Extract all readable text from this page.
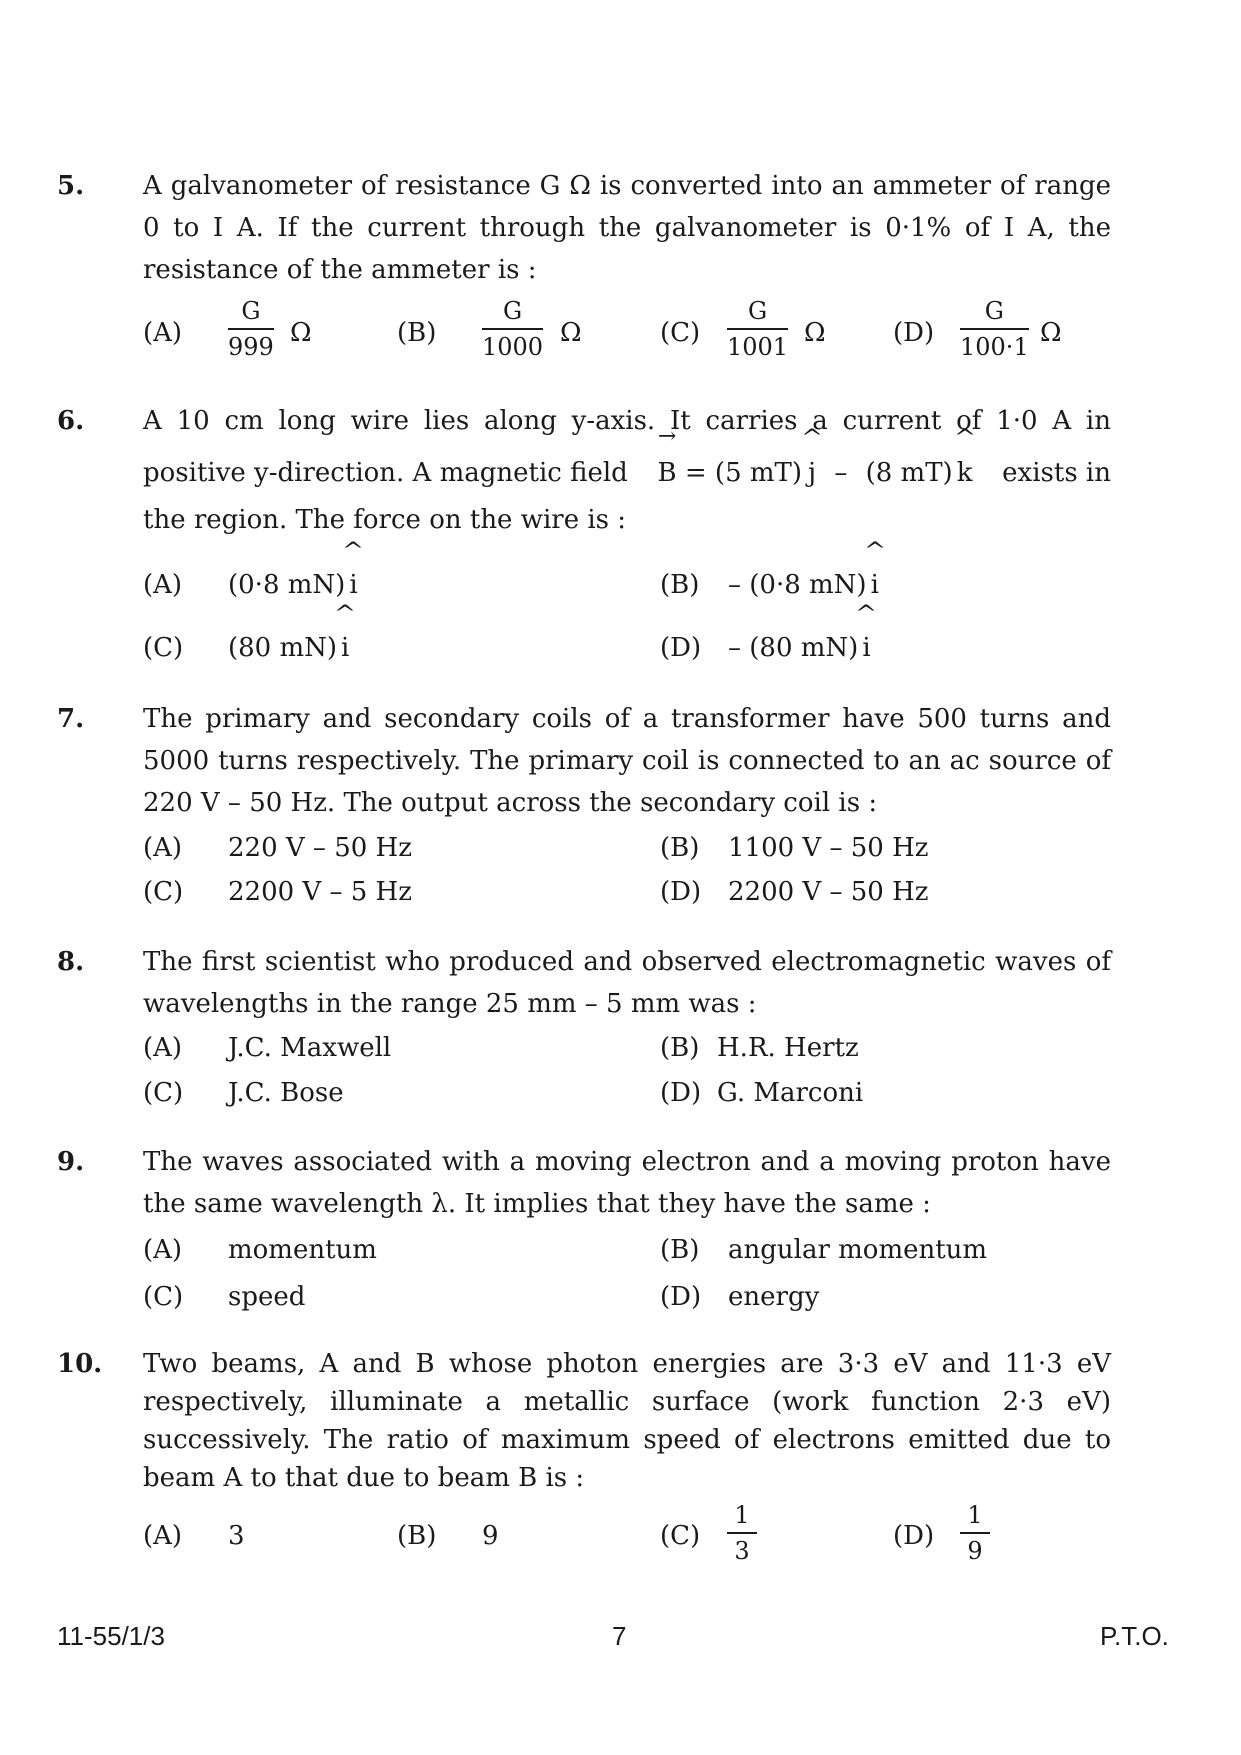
5. A galvanometer of resistance G Ω is converted into an ammeter of range 0 to I A. If the current through the galvanometer is 0·1% of I A, the resistance of the ammeter is :
$(A) \frac{G}{999}$ Ω	$(B) \frac{G}{1000}$ Ω	$(C) \frac{G}{1001}$ Ω	$(D) \frac{G}{100\cdot 1}$ Ω
6. A 10 cm long wire lies along y-axis. It carries a current of 1·0 A in
positive y-direction. A magnetic field → B = (5 mT) ^ j – (8 mT) ^ k exists in
the region. The force on the wire is :
(A) (0·8 mN) ^ i	(B) – (0·8 mN) ^ i
(C) (80 mN) ^ i	(D) – (80 mN) ^ i
7. The primary and secondary coils of a transformer have 500 turns and 5000 turns respectively. The primary coil is connected to an ac source of 220 V – 50 Hz. The output across the secondary coil is :
(A) 220 V – 50 Hz	(B) 1100 V – 50 Hz
(C) 2200 V – 5 Hz	(D) 2200 V – 50 Hz
8. The first scientist who produced and observed electromagnetic waves of wavelengths in the range 25 mm – 5 mm was :
(A) J.C. Maxwell	(B) H.R. Hertz
(C) J.C. Bose	(D) G. Marconi
9. The waves associated with a moving electron and a moving proton have the same wavelength λ. It implies that they have the same :
(A) momentum	(B) angular momentum
(C) speed	(D) energy
10. Two beams, A and B whose photon energies are 3·3 eV and 11·3 eV respectively, illuminate a metallic surface (work function 2·3 eV) successively. The ratio of maximum speed of electrons emitted due to beam A to that due to beam B is :
(A) 3	(B) 9	$(C) \frac{1}{3}$	$(D) \frac{1}{9}$
11-55/1/3	7	P.T.O.
